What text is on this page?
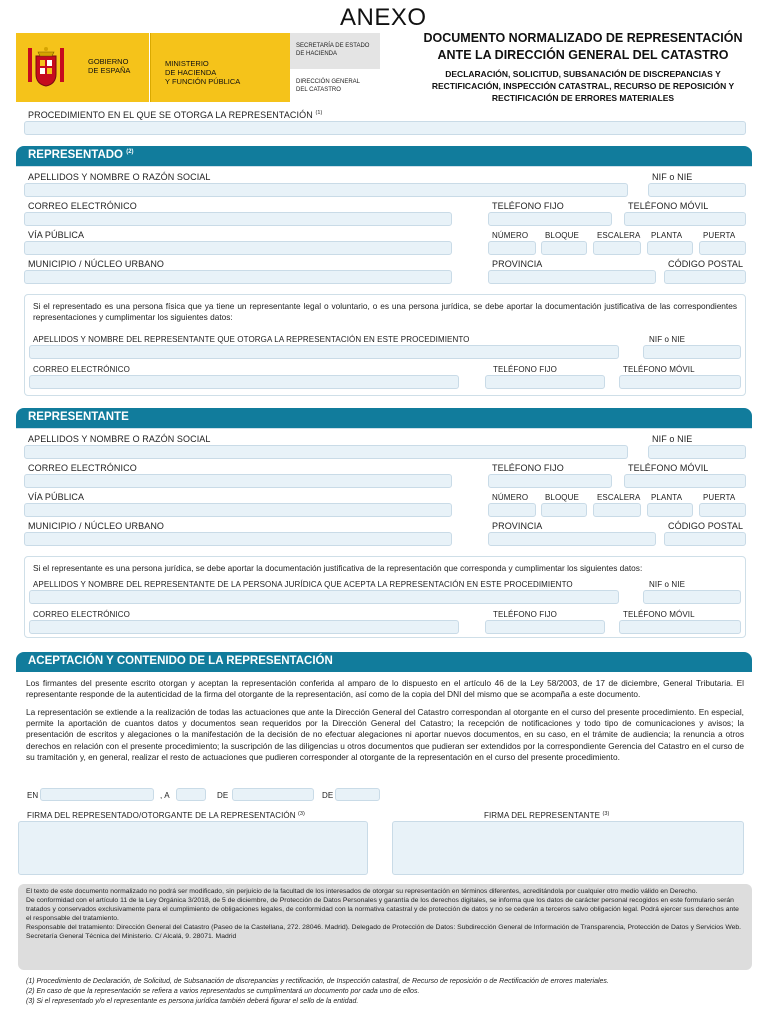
ANEXO
GOBIERNO
DE ESPAÑA
MINISTERIO
DE HACIENDA
Y FUNCIÓN PÚBLICA
SECRETARÍA DE ESTADO
DE HACIENDA
DIRECCIÓN GENERAL
DEL CATASTRO
DOCUMENTO NORMALIZADO DE REPRESENTACIÓN
ANTE LA DIRECCIÓN GENERAL DEL CATASTRO
DECLARACIÓN, SOLICITUD, SUBSANACIÓN DE DISCREPANCIAS Y
RECTIFICACIÓN, INSPECCIÓN CATASTRAL, RECURSO DE REPOSICIÓN Y
RECTIFICACIÓN DE ERRORES MATERIALES
PROCEDIMIENTO EN EL QUE SE OTORGA LA REPRESENTACIÓN $^{(1)}$
REPRESENTADO $^{(2)}$
APELLIDOS Y NOMBRE O RAZÓN SOCIAL	NIF o NIE
CORREO ELECTRÓNICO	TELÉFONO FIJO	TELÉFONO MÓVIL
VÍA PÚBLICA	NÚMERO BLOQUE ESCALERA PLANTA	PUERTA
MUNICIPIO / NÚCLEO URBANO	PROVINCIA	CÓDIGO POSTAL
Si el representado es una persona física que ya tiene un representante legal o voluntario, o es una persona jurídica, se debe aportar la documentación justificativa de las correspondientes representaciones y cumplimentar los siguientes datos:
APELLIDOS Y NOMBRE DEL REPRESENTANTE QUE OTORGA LA REPRESENTACIÓN EN ESTE PROCEDIMIENTO	NIF o NIE
CORREO ELECTRÓNICO	TELÉFONO FIJO	TELÉFONO MÓVIL
REPRESENTANTE
APELLIDOS Y NOMBRE O RAZÓN SOCIAL	NIF o NIE
CORREO ELECTRÓNICO	TELÉFONO FIJO	TELÉFONO MÓVIL
VÍA PÚBLICA	NÚMERO BLOQUE ESCALERA PLANTA	PUERTA
MUNICIPIO / NÚCLEO URBANO	PROVINCIA	CÓDIGO POSTAL
Si el representante es una persona jurídica, se debe aportar la documentación justificativa de la representación que corresponda y cumplimentar los siguientes datos:
APELLIDOS Y NOMBRE DEL REPRESENTANTE DE LA PERSONA JURÍDICA QUE ACEPTA LA REPRESENTACIÓN EN ESTE PROCEDIMIENTO	NIF o NIE
CORREO ELECTRÓNICO	TELÉFONO FIJO	TELÉFONO MÓVIL
ACEPTACIÓN Y CONTENIDO DE LA REPRESENTACIÓN
Los firmantes del presente escrito otorgan y aceptan la representación conferida al amparo de lo dispuesto en el artículo 46 de la Ley 58/2003, de 17 de diciembre, General Tributaria. El representante responde de la autenticidad de la firma del otorgante de la representación, así como de la copia del DNI del mismo que se acompaña a este documento.
La representación se extiende a la realización de todas las actuaciones que ante la Dirección General del Catastro correspondan al otorgante en el curso del presente procedimiento. En especial, permite la aportación de cuantos datos y documentos sean requeridos por la Dirección General del Catastro; la recepción de notificaciones y todo tipo de comunicaciones y avisos; la presentación de escritos y alegaciones o la manifestación de la decisión de no efectuar alegaciones ni aportar nuevos documentos, en su caso, en el trámite de audiencia; la renuncia a otros derechos en relación con el presente procedimiento; la suscripción de las diligencias u otros documentos que pudieran ser extendidos por la correspondiente Gerencia del Catastro en el curso de su tramitación y, en general, realizar el resto de actuaciones que pudieren corresponder al otorgante de la representación en el curso del presente procedimiento.
EN	, A	DE	DE
FIRMA DEL REPRESENTADO/OTORGANTE DE LA REPRESENTACIÓN $^{(3)}$	FIRMA DEL REPRESENTANTE $^{(3)}$

El texto de este documento normalizado no podrá ser modificado, sin perjuicio de la facultad de los interesados de otorgar su representación en términos diferentes, acreditándola por cualquier otro medio válido en Derecho.

De conformidad con el artículo 11 de la Ley Orgánica 3/2018, de 5 de diciembre, de Protección de Datos Personales y garantía de los derechos digitales, se informa que los datos de carácter personal recogidos en este formulario serán tratados y conservados exclusivamente para el cumplimiento de obligaciones legales, de conformidad con la normativa catastral y de protección de datos y no se cederán a terceros salvo obligación legal. Podrá ejercer sus derechos ante el responsable del tratamiento.

Responsable del tratamiento: Dirección General del Catastro (Paseo de la Castellana, 272. 28046. Madrid). Delegado de Protección de Datos: Subdirección General de Información de Transparencia, Protección de Datos y Servicios Web. Secretaría General Técnica del Ministerio. C/ Alcalá, 9. 28071. Madrid

(1) Procedimiento de Declaración, de Solicitud, de Subsanación de discrepancias y rectificación, de Inspección catastral, de Recurso de reposición o de Rectificación de errores materiales.
(2) En caso de que la representación se refiera a varios representados se cumplimentará un documento por cada uno de ellos.
(3) Si el representado y/o el representante es persona jurídica también deberá figurar el sello de la entidad.
